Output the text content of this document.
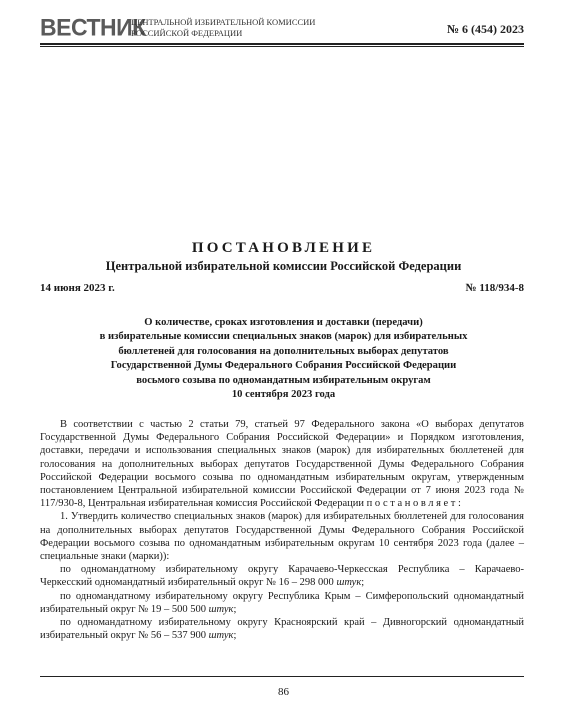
ВЕСТНИК
ЦЕНТРАЛЬНОЙ ИЗБИРАТЕЛЬНОЙ КОМИССИИ
РОССИЙСКОЙ ФЕДЕРАЦИИ	№ 6 (454) 2023
ПОСТАНОВЛЕНИЕ
Центральной избирательной комиссии Российской Федерации
14 июня 2023 г.	№ 118/934-8
О количестве, сроках изготовления и доставки (передачи)
в избирательные комиссии специальных знаков (марок) для избирательных
бюллетеней для голосования на дополнительных выборах депутатов
Государственной Думы Федерального Собрания Российской Федерации
восьмого созыва по одномандатным избирательным округам
10 сентября 2023 года

В соответствии с частью 2 статьи 79, статьей 97 Федерального закона «О выборах депутатов Государственной Думы Федерального Собрания Российской Федерации» и Порядком изготовления, доставки, передачи и использования специальных знаков (марок) для избирательных бюллетеней для голосования на дополнительных выборах депутатов Государственной Думы Федерального Собрания Российской Федерации восьмого созыва по одномандатным избирательным округам, утвержденным постановлением Центральной избирательной комиссии Российской Федерации от 7 июня 2023 года № 117/930-8, Центральная избирательная комиссия Российской Федерации постановляет:

1. Утвердить количество специальных знаков (марок) для избирательных бюллетеней для голосования на дополнительных выборах депутатов Государственной Думы Федерального Собрания Российской Федерации восьмого созыва по одномандатным избирательным округам 10 сентября 2023 года (далее – специальные знаки (марки)):

по одномандатному избирательному округу Карачаево-Черкесская Республика – Карачаево-Черкесский одномандатный избирательный округ № 16 – 298 000 штук;

по одномандатному избирательному округу Республика Крым – Симферопольский одномандатный избирательный округ № 19 – 500 500 штук;

по одномандатному избирательному округу Красноярский край – Дивногорский одномандатный избирательный округ № 56 – 537 900 штук;

86
